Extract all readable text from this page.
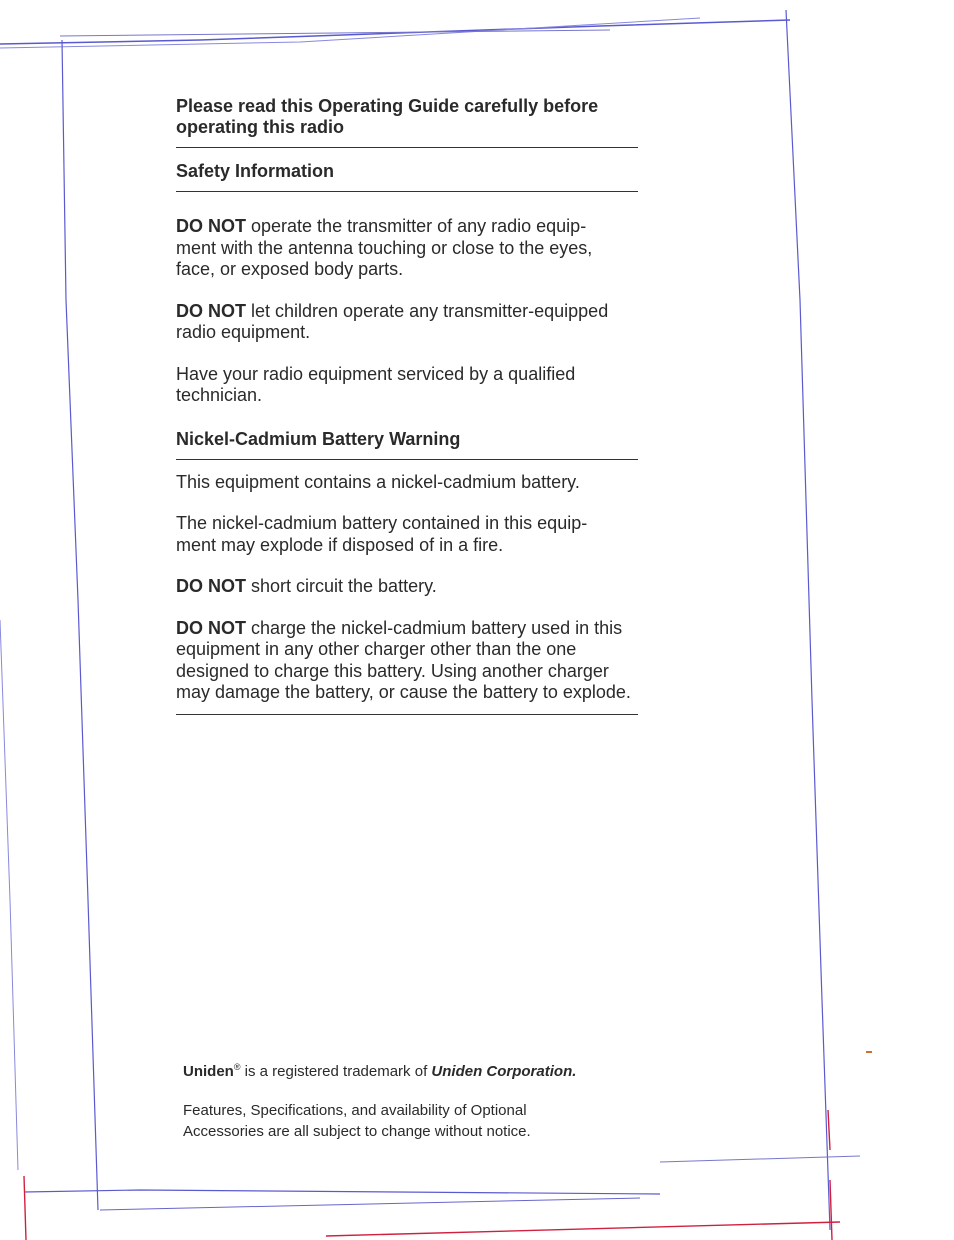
Please read this Operating Guide carefully before operating this radio

Safety Information

DO NOT operate the transmitter of any radio equip- ment with the antenna touching or close to the eyes, face, or exposed body parts.

DO NOT let children operate any transmitter-equipped radio equipment.

Have your radio equipment serviced by a qualified technician.

Nickel-Cadmium Battery Warning

This equipment contains a nickel-cadmium battery.

The nickel-cadmium battery contained in this equip- ment may explode if disposed of in a fire.

DO NOT short circuit the battery.

DO NOT charge the nickel-cadmium battery used in this equipment in any other charger other than the one designed to charge this battery. Using another charger may damage the battery, or cause the battery to explode.

Uniden® is a registered trademark of Uniden Corporation.

Features, Specifications, and availability of Optional Accessories are all subject to change without notice.
